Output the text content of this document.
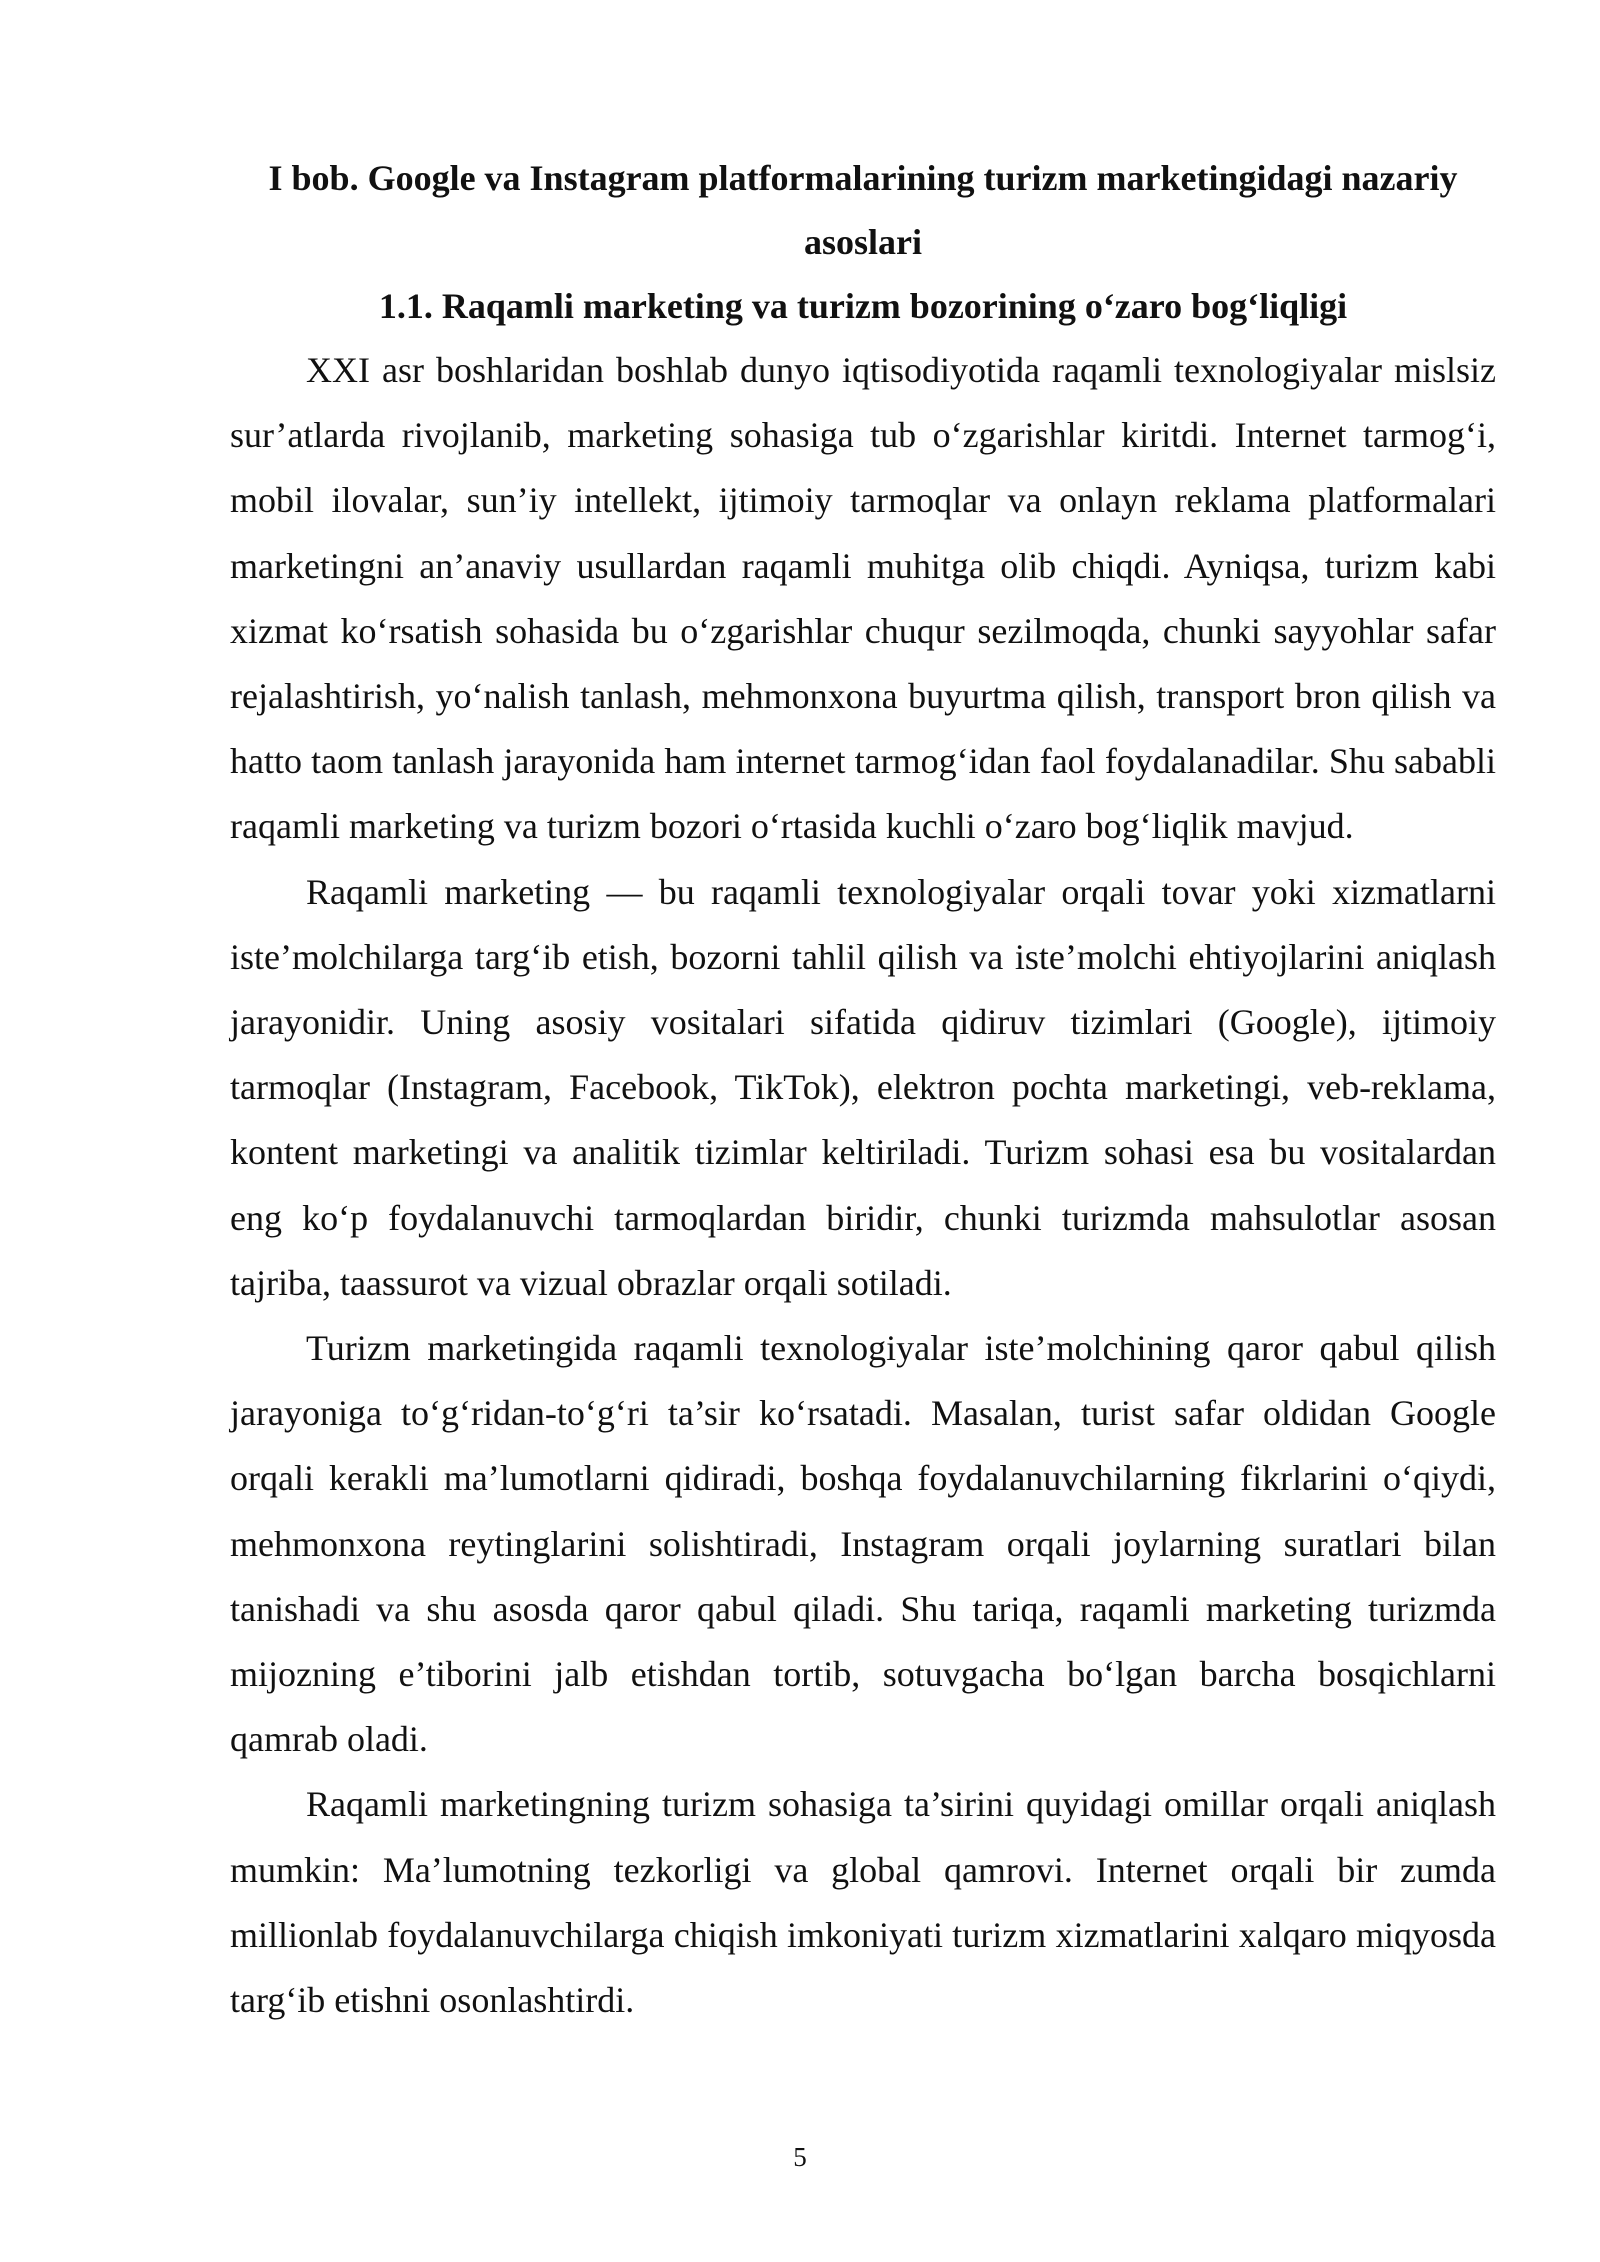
I bob. Google va Instagram platformalarining turizm marketingidagi nazariy asoslari
1.1. Raqamli marketing va turizm bozorining o‘zaro bog‘liqligi

XXI asr boshlaridan boshlab dunyo iqtisodiyotida raqamli texnologiyalar mislsiz sur’atlarda rivojlanib, marketing sohasiga tub o‘zgarishlar kiritdi. Internet tarmog‘i, mobil ilovalar, sun’iy intellekt, ijtimoiy tarmoqlar va onlayn reklama platformalari marketingni an’anaviy usullardan raqamli muhitga olib chiqdi. Ayniqsa, turizm kabi xizmat ko‘rsatish sohasida bu o‘zgarishlar chuqur sezilmoqda, chunki sayyohlar safar rejalashtirish, yo‘nalish tanlash, mehmonxona buyurtma qilish, transport bron qilish va hatto taom tanlash jarayonida ham internet tarmog‘idan faol foydalanadilar. Shu sababli raqamli marketing va turizm bozori o‘rtasida kuchli o‘zaro bog‘liqlik mavjud.

Raqamli marketing — bu raqamli texnologiyalar orqali tovar yoki xizmatlarni iste’molchilarga targ‘ib etish, bozorni tahlil qilish va iste’molchi ehtiyojlarini aniqlash jarayonidir. Uning asosiy vositalari sifatida qidiruv tizimlari (Google), ijtimoiy tarmoqlar (Instagram, Facebook, TikTok), elektron pochta marketingi, veb-reklama, kontent marketingi va analitik tizimlar keltiriladi. Turizm sohasi esa bu vositalardan eng ko‘p foydalanuvchi tarmoqlardan biridir, chunki turizmda mahsulotlar asosan tajriba, taassurot va vizual obrazlar orqali sotiladi.

Turizm marketingida raqamli texnologiyalar iste’molchining qaror qabul qilish jarayoniga to‘g‘ridan-to‘g‘ri ta’sir ko‘rsatadi. Masalan, turist safar oldidan Google orqali kerakli ma’lumotlarni qidiradi, boshqa foydalanuvchilarning fikrlarini o‘qiydi, mehmonxona reytinglarini solishtiradi, Instagram orqali joylarning suratlari bilan tanishadi va shu asosda qaror qabul qiladi. Shu tariqa, raqamli marketing turizmda mijozning e’tiborini jalb etishdan tortib, sotuvgacha bo‘lgan barcha bosqichlarni qamrab oladi.

Raqamli marketingning turizm sohasiga ta’sirini quyidagi omillar orqali aniqlash mumkin: Ma’lumotning tezkorligi va global qamrovi. Internet orqali bir zumda millionlab foydalanuvchilarga chiqish imkoniyati turizm xizmatlarini xalqaro miqyosda targ‘ib etishni osonlashtirdi.

5
